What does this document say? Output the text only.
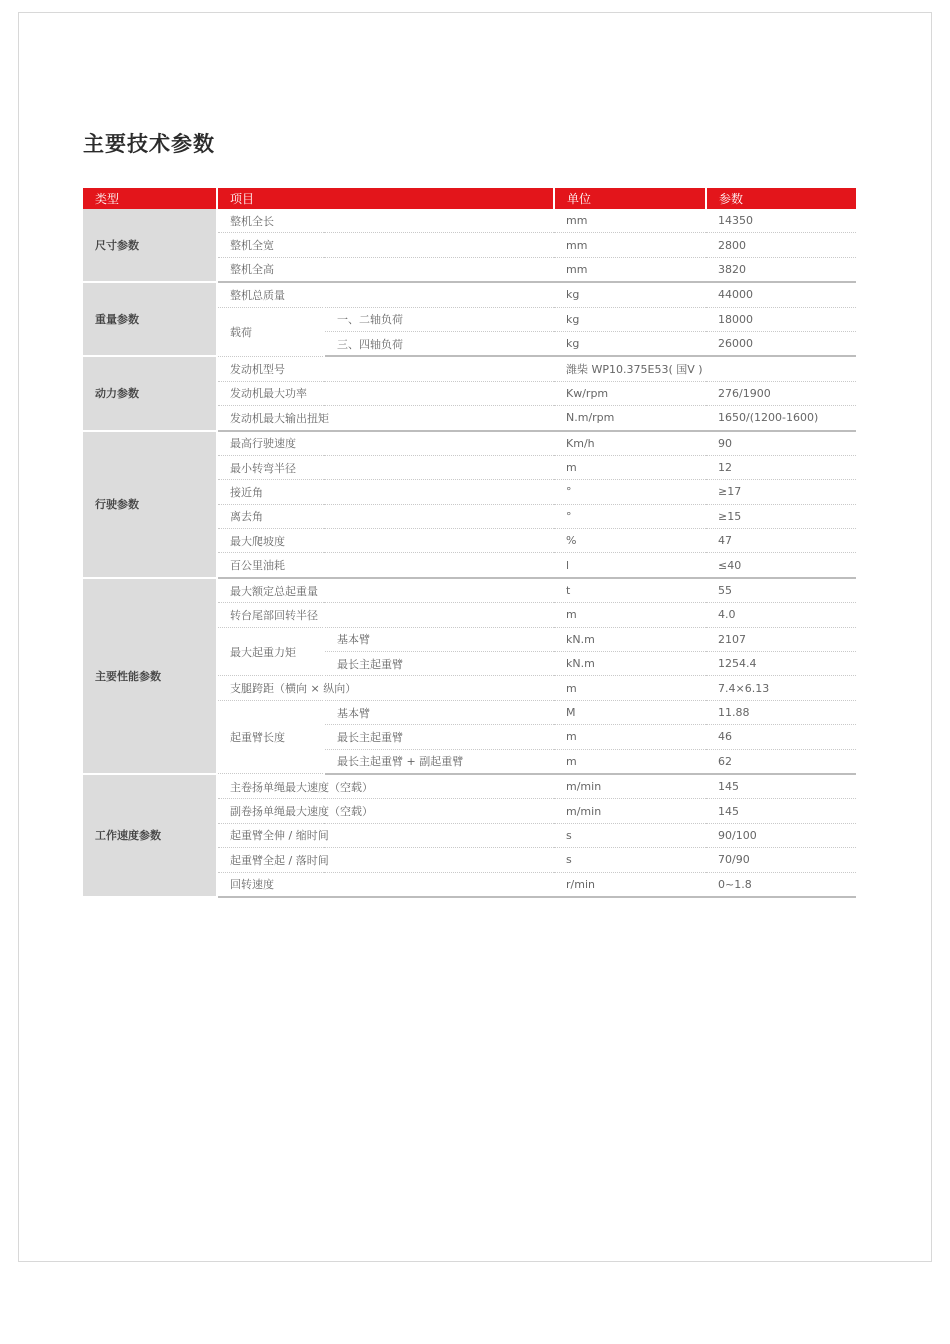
主要技术参数
类型	项目		单位	参数
尺寸参数	整机全长		mm	14350
	整机全宽		mm	2800
	整机全高		mm	3820
重量参数	整机总质量		kg	44000
	载荷	一、二轴负荷	kg	18000
		三、四轴负荷	kg	26000
动力参数	发动机型号		潍柴 WP10.375E53( 国Ⅴ )	
	发动机最大功率		Kw/rpm	276/1900
	发动机最大输出扭矩		N.m/rpm	1650/(1200-1600)
行驶参数	最高行驶速度		Km/h	90
	最小转弯半径		m	12
	接近角		°	≥17
	离去角		°	≥15
	最大爬坡度		%	47
	百公里油耗		l	≤40
主要性能参数	最大额定总起重量		t	55
	转台尾部回转半径		m	4.0
	最大起重力矩	基本臂	kN.m	2107
		最长主起重臂	kN.m	1254.4
	支腿跨距（横向 × 纵向）		m	7.4×6.13
	起重臂长度	基本臂	M	11.88
		最长主起重臂	m	46
		最长主起重臂 + 副起重臂	m	62
工作速度参数	主卷扬单绳最大速度（空载）		m/min	145
	副卷扬单绳最大速度（空载）		m/min	145
	起重臂全伸 / 缩时间		s	90/100
	起重臂全起 / 落时间		s	70/90
	回转速度		r/min	0~1.8
